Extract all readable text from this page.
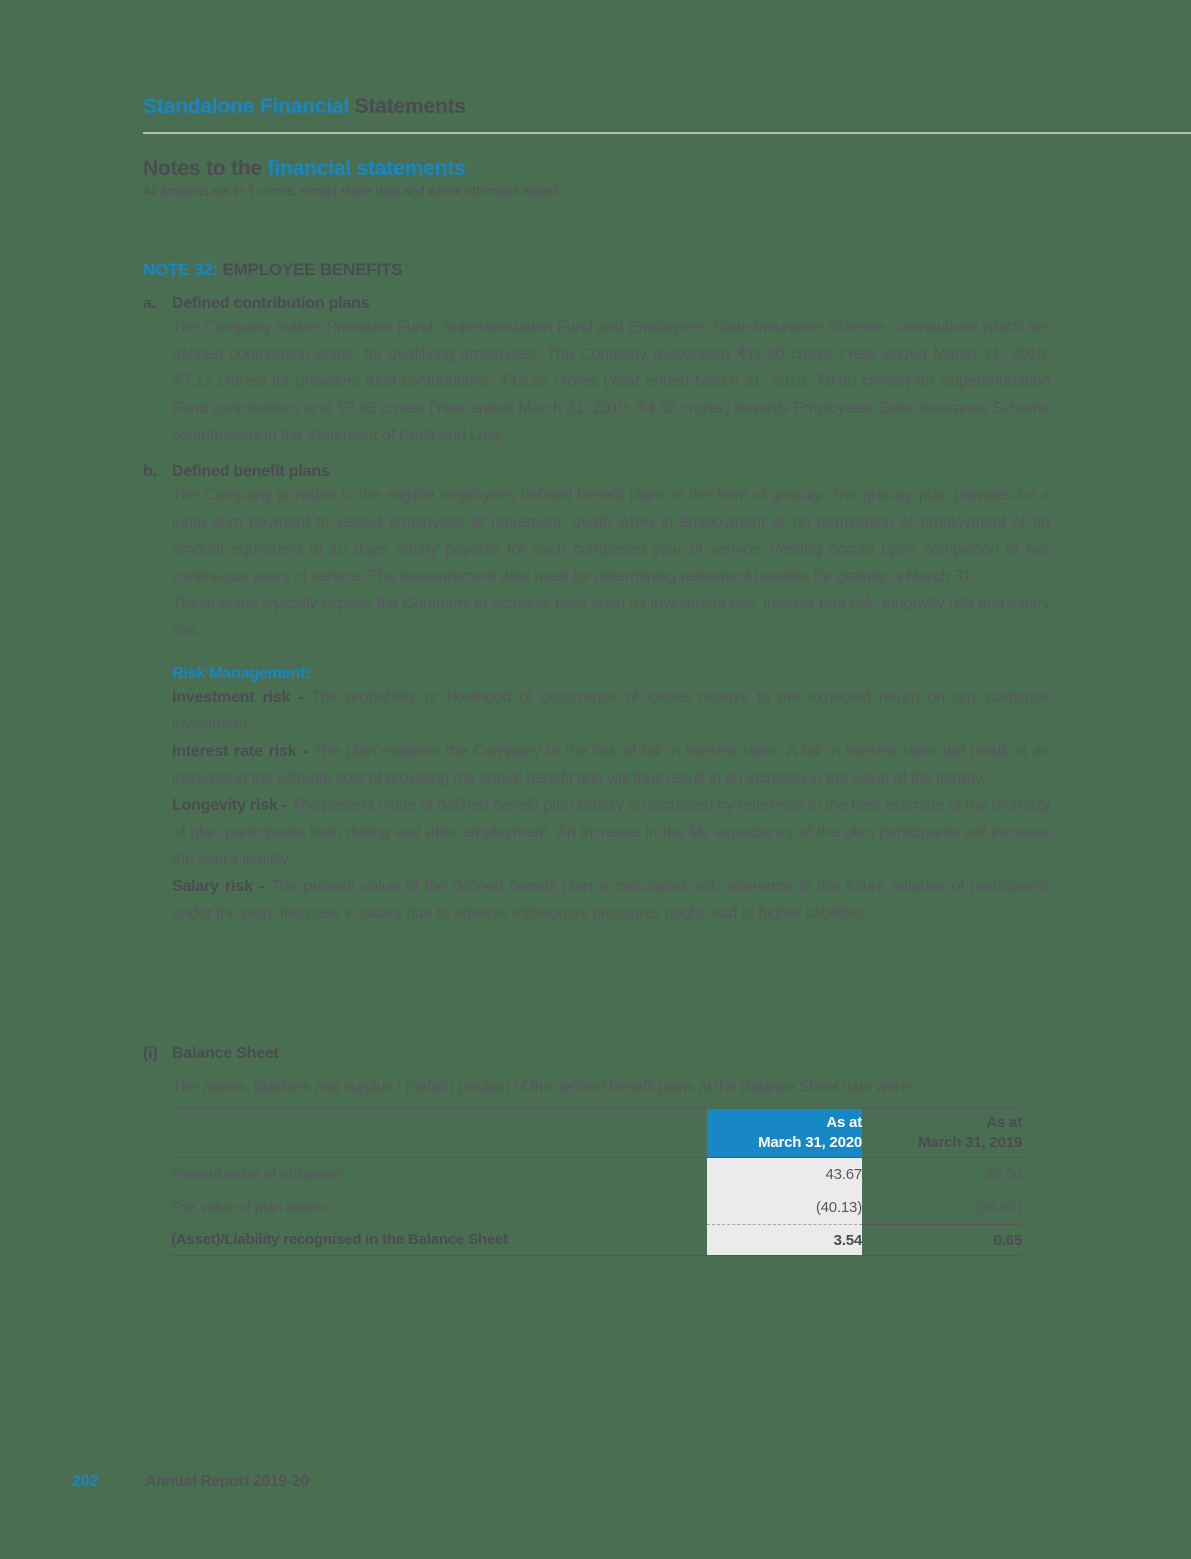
Standalone Financial Statements
Notes to the financial statements
All amounts are in ₹ crores, except share data and where otherwise stated
NOTE 32: EMPLOYEE BENEFITS
a.	Defined contribution plans

The Company makes Provident Fund, Superannuation Fund and Employees’ State Insurance Scheme contributions which are defined contribution plans, for qualifying employees. The Company recognised ₹11.20 crores (Year ended March 31, 2019: ₹7.17 crores) for provident fund contributions, ₹12.92 crores (Year ended March 31, 2019: ₹9.89 crores) for Superannuation Fund contributions and ₹3.85 crores (Year ended March 31, 2019: ₹4.82 crores) towards Employees’ State Insurance Scheme contributions in the Statement of Profit and Loss.

b. Defined benefit plans

The Company provides to the eligible employees defined benefit plans in the form of gratuity. The gratuity plan provides for a lump sum payment to vested employees at retirement, death while in employment or on termination of employment of an amount equivalent to 15 days’ salary payable for each completed year of service. Vesting occurs upon completion of five continuous years of service. The measurement date used for determining retirement benefits for gratuity is March 31.

These plans typically expose the Company to actuarial risks such as investment risk, interest rate risk, longevity risk and salary risk.

Risk Management:

Investment risk - The probability or likelihood of occurrence of losses relative to the expected return on any particular investment.

Interest rate risk - The plan exposes the Company to the risk of fall in interest rates. A fall in interest rates will result in an increase in the ultimate cost of providing the above benefit and will thus result in an increase in the value of the liability.

Longevity risk - The present value of defined benefit plan liability is calculated by reference to the best estimate of the mortality of plan participants both during and after employment. An increase in the life expectancy of the plan participants will increase the plan’s liability.

Salary risk - The present value of the defined benefit plan is calculated with reference to the future salaries of participants under the plan. Increase in salary due to adverse inflationary pressures might lead to higher liabilities.

(i) Balance Sheet

The assets, liabilities and surplus / (deficit) position of the defined benefit plans at the Balance Sheet date were:

As at
March 31, 2020

As at
March 31, 2019

Present value of obligation	43.67	29.30
Fair value of plan assets	(40.13)	(28.65)
(Asset)/Liability recognised in the Balance Sheet	3.54	0.65
202	Annual Report 2019-20
